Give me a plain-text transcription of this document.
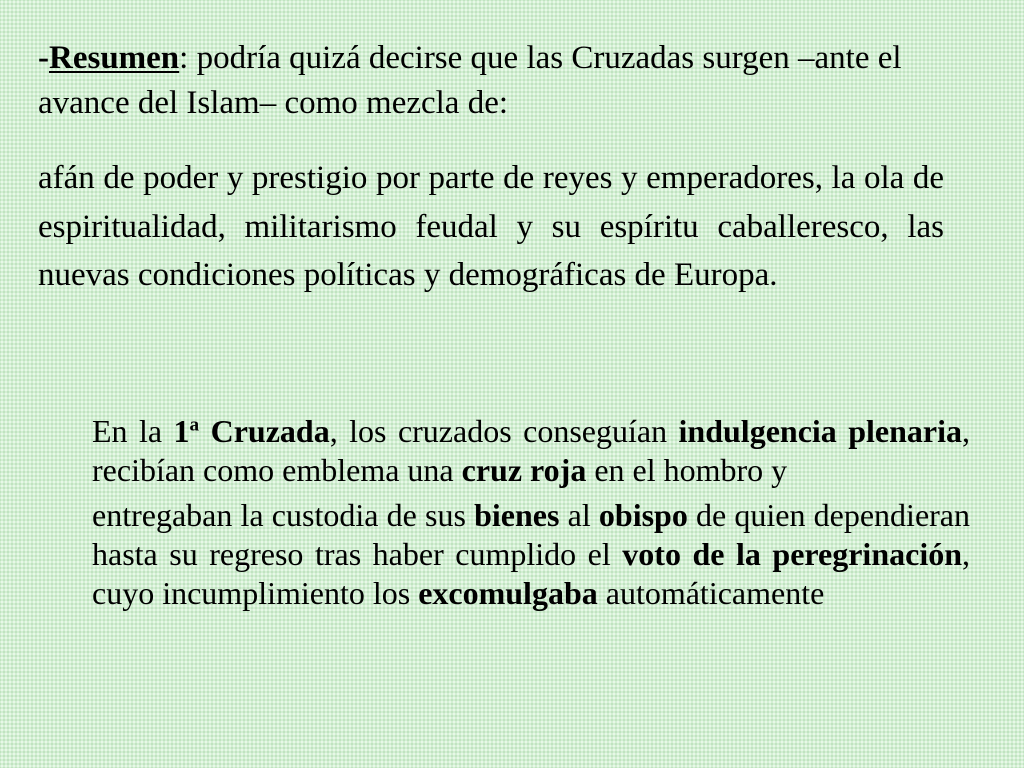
-Resumen: podría quizá decirse que las Cruzadas surgen –ante el avance del Islam– como mezcla de:

afán de poder y prestigio por parte de reyes y emperadores, la ola de espiritualidad, militarismo feudal y su espíritu caballeresco, las nuevas condiciones políticas y demográficas de Europa.

En la 1$^a$ Cruzada, los cruzados conseguían indulgencia plenaria, recibían como emblema una cruz roja en el hombro y

entregaban la custodia de sus bienes al obispo de quien dependieran hasta su regreso tras haber cumplido el voto de la peregrinación, cuyo incumplimiento los excomulgaba automáticamente
